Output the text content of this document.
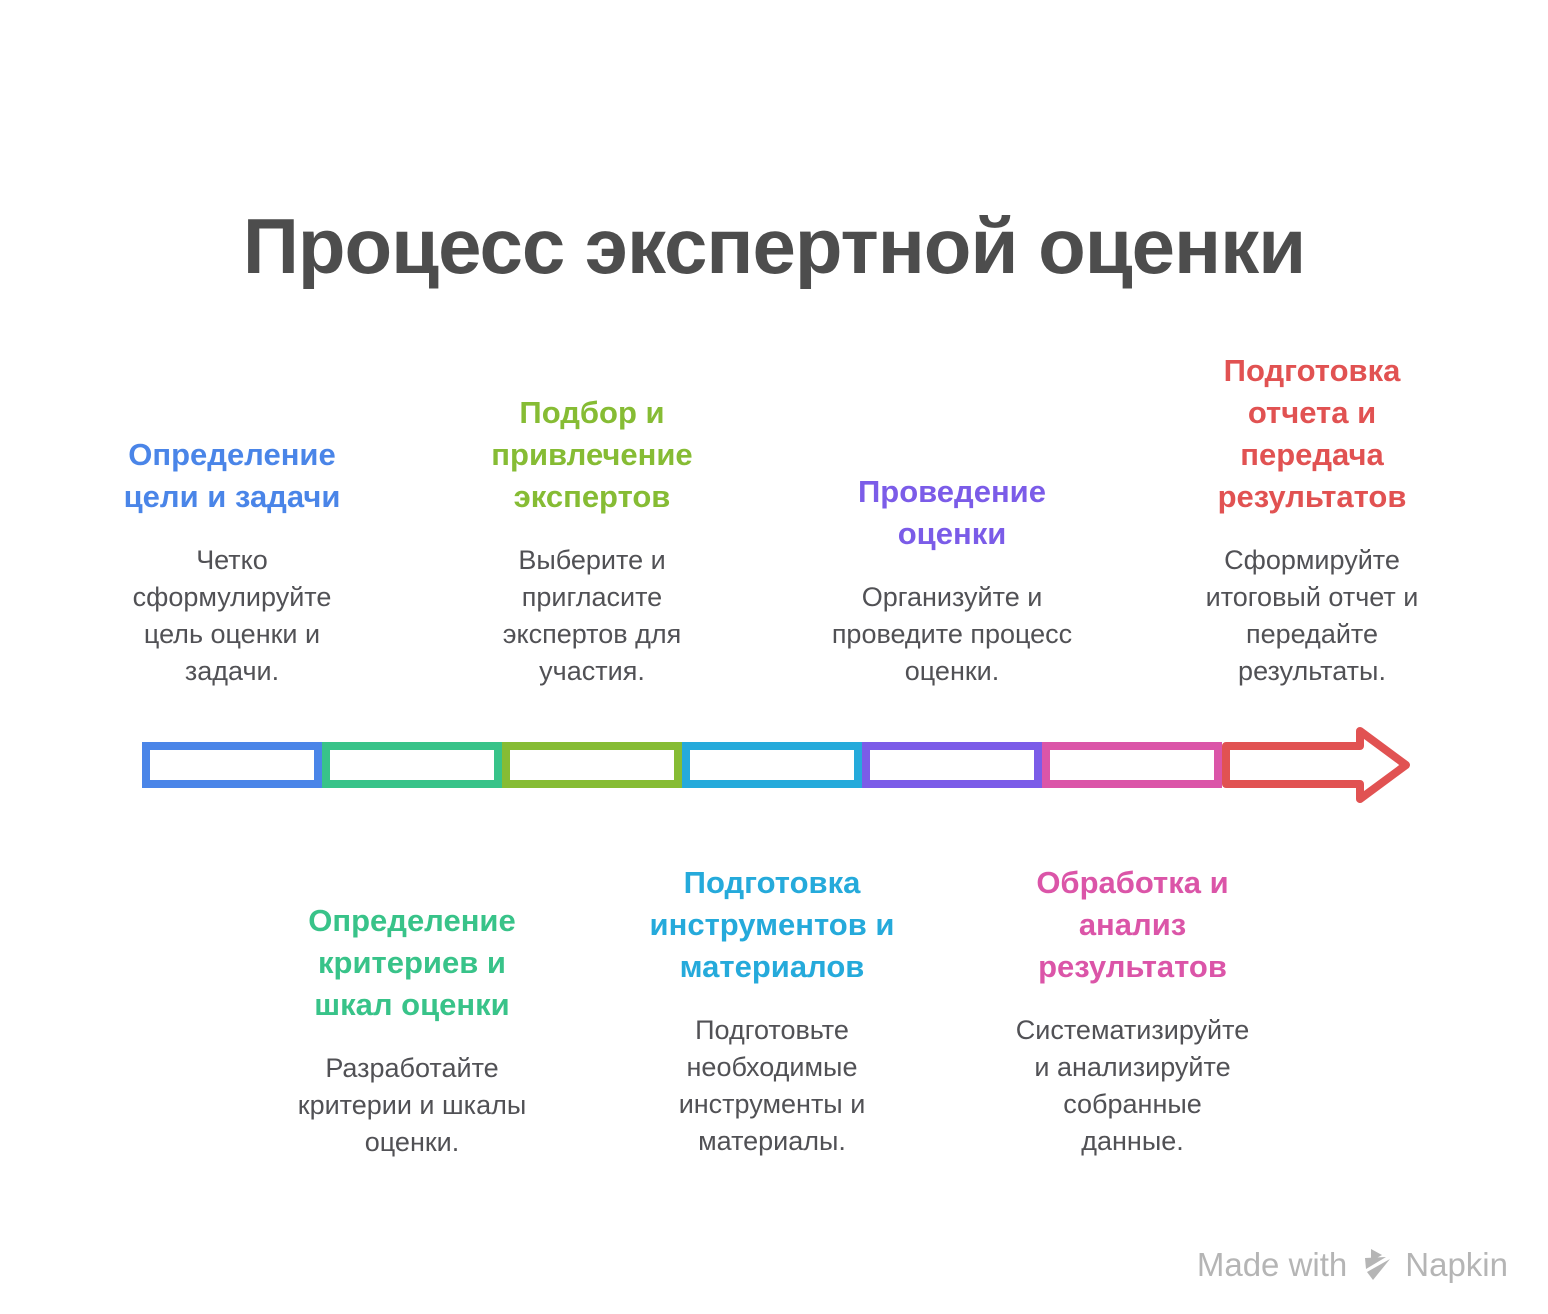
Процесс экспертной оценки
Определение цели и задачи
Четко сформулируйте цель оценки и задачи.
Подбор и привлечение экспертов
Выберите и пригласите экспертов для участия.
Проведение оценки
Организуйте и проведите процесс оценки.
Подготовка отчета и передача результатов
Сформируйте итоговый отчет и передайте результаты.
Определение критериев и шкал оценки
Разработайте критерии и шкалы оценки.
Подготовка инструментов и материалов
Подготовьте необходимые инструменты и материалы.
Обработка и анализ результатов
Систематизируйте и анализируйте собранные данные.
Made with Napkin
